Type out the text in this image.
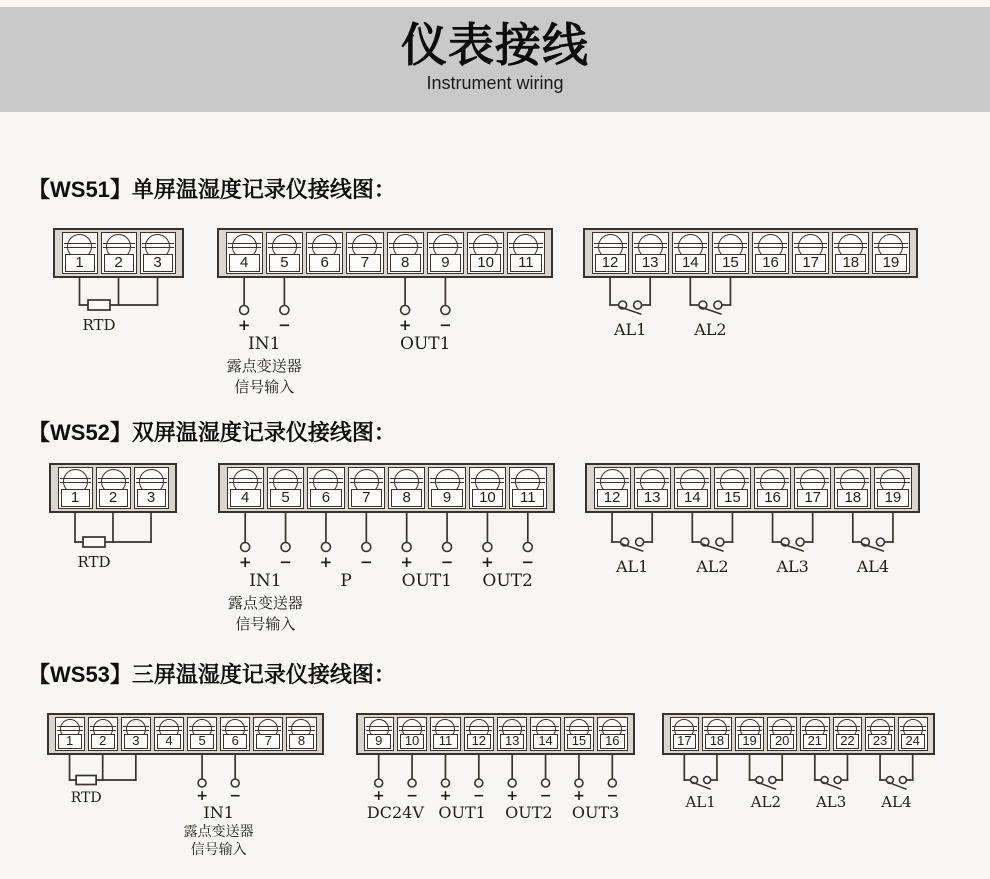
仪表接线
Instrument wiring
【WS51】单屏温湿度记录仪接线图：
1	2	3	4	5	6	7	8	9	10	11	12	13	14	15	16	17	18	19
RTD	+ −
IN1
露点变送器
信号输入
+ −
OUT1
AL1	AL2
【WS52】双屏温湿度记录仪接线图：
1	2	3	4	5	6	7	8	9	10	11	12	13	14	15	16	17	18	19
RTD	+ −
IN1
露点变送器
信号输入
+ −
P
+ −
OUT1
+ −
OUT2
AL1	AL2	AL3	AL4
【WS53】三屏温湿度记录仪接线图：
1	2	3	4	5	6	7	8	9	10	11	12	13	14	15	16	17	18	19	20	21	22	23	24
RTD	+ −
IN1
露点变送器
信号输入
+ −
DC24V
+ −
OUT1
+ −
OUT2
+ −
OUT3
AL1 AL2 AL3 AL4
